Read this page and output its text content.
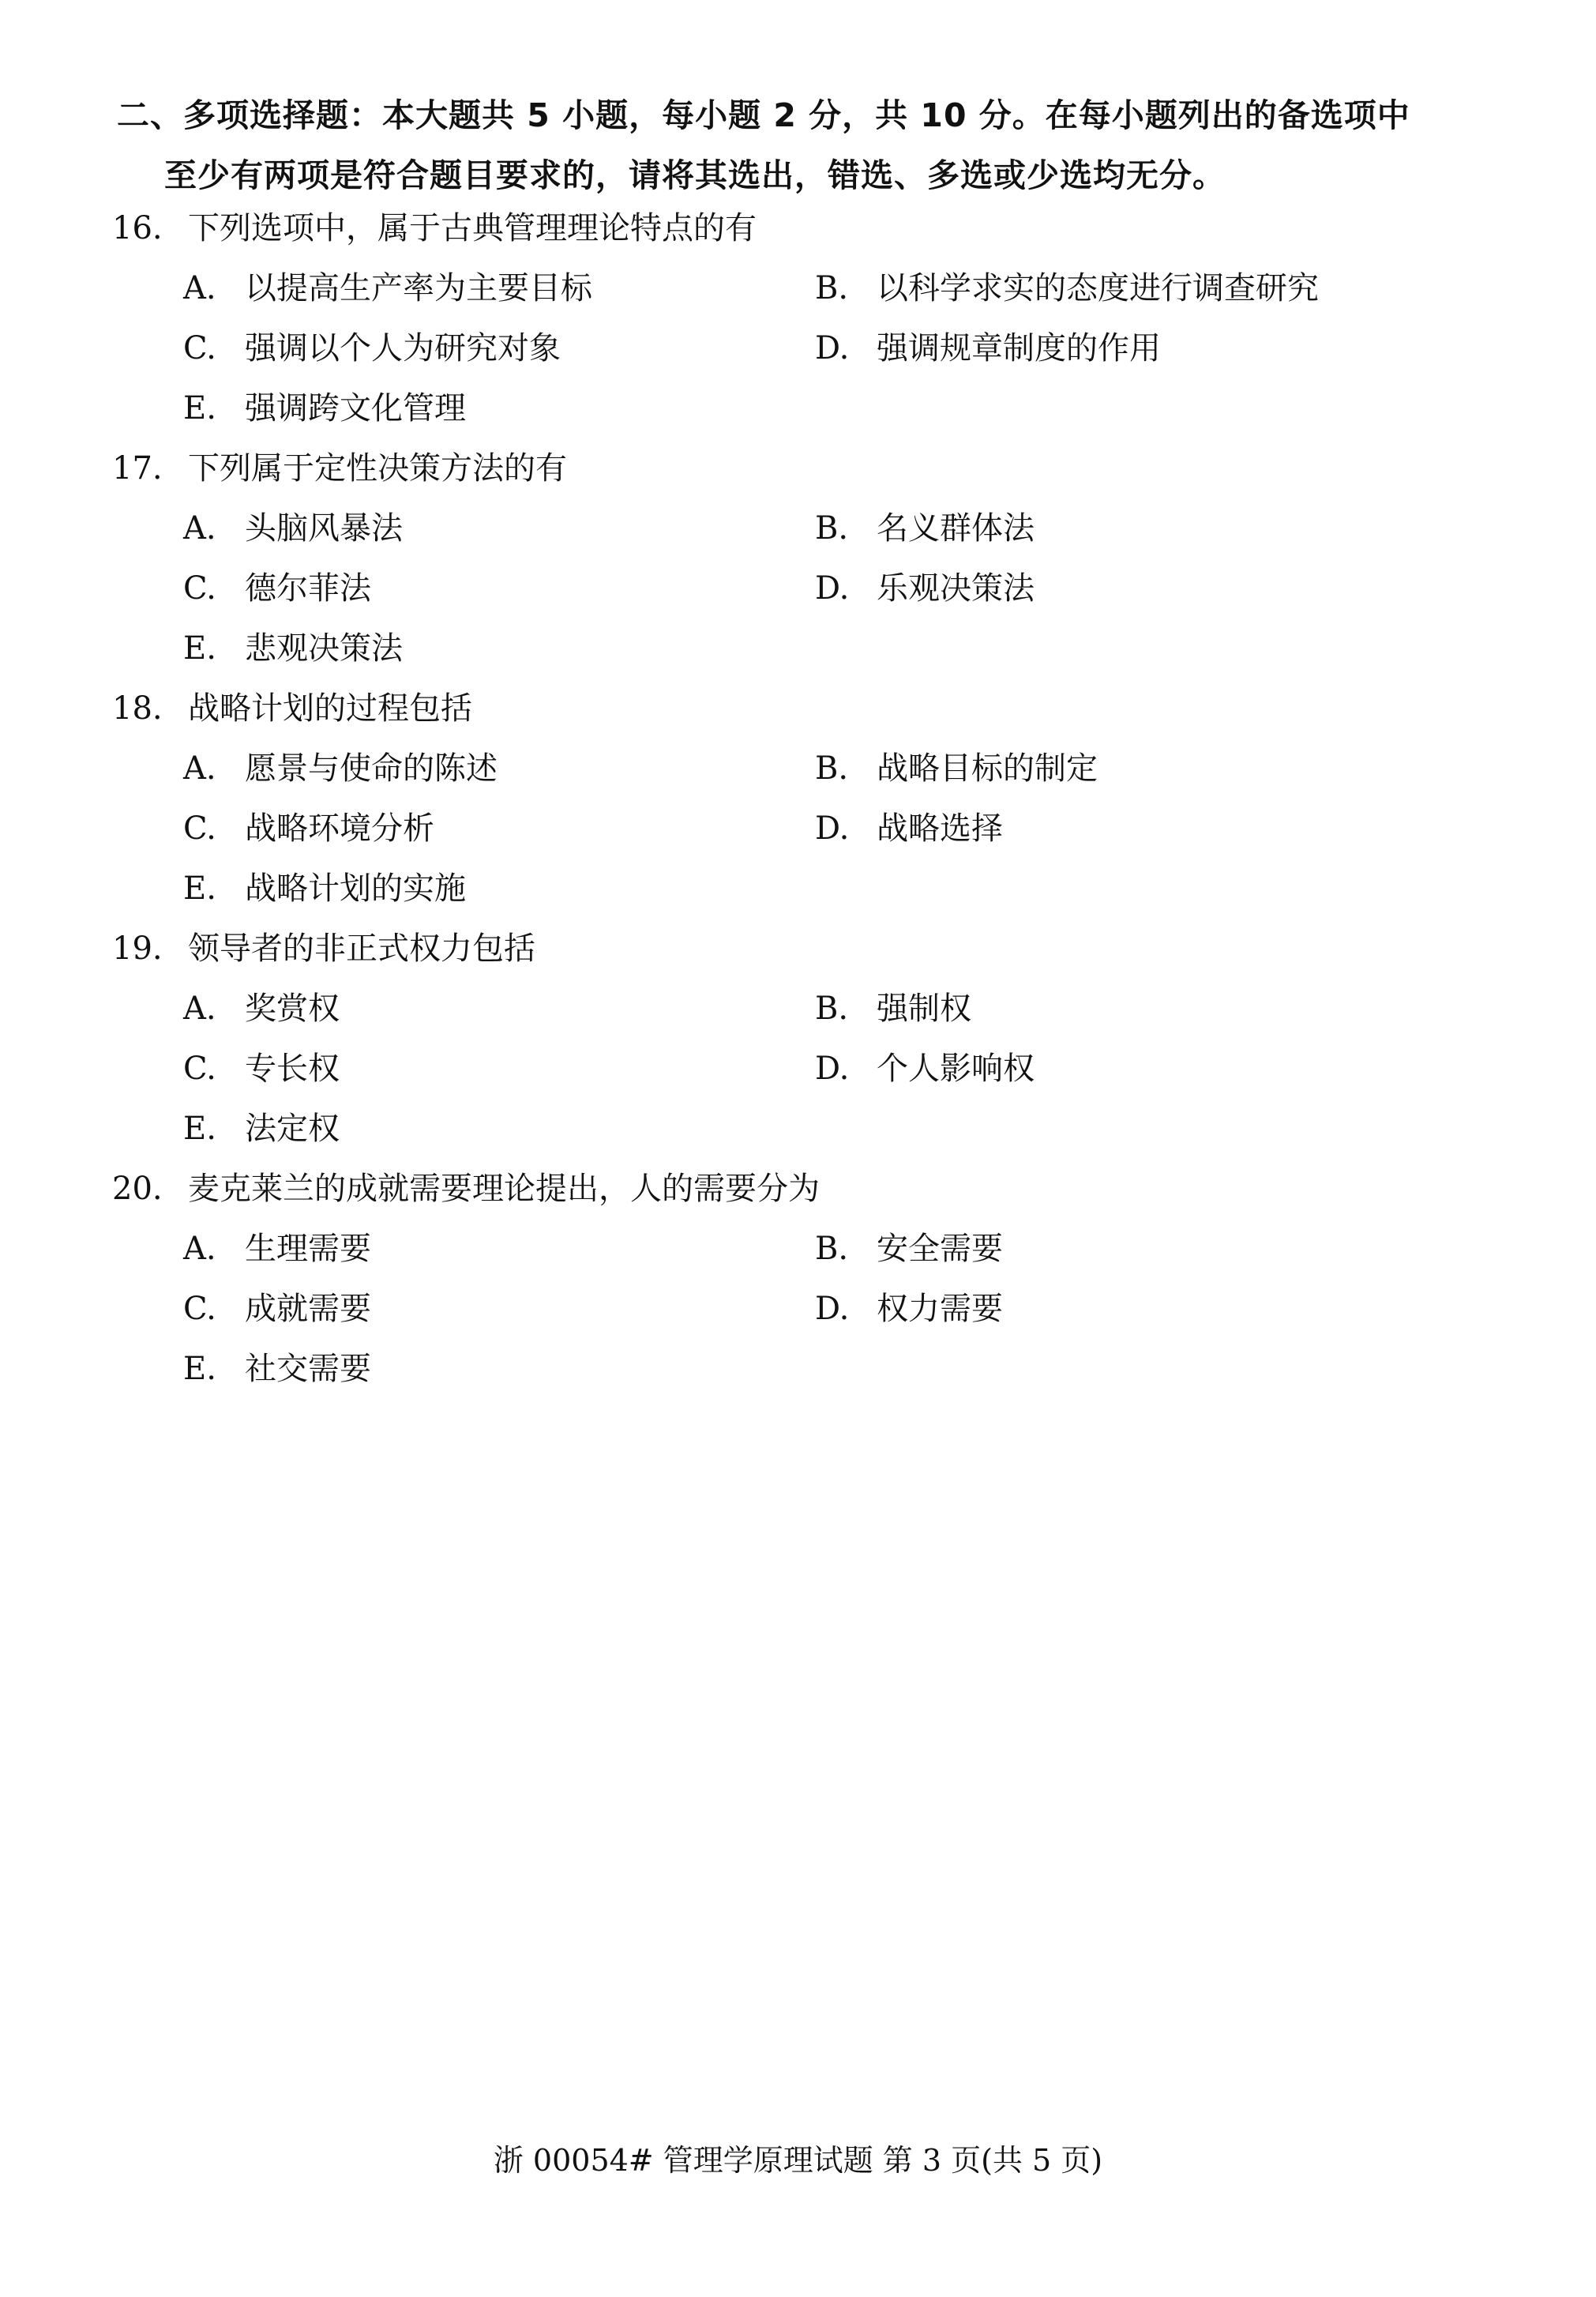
二、多项选择题：本大题共 5 小题，每小题 2 分，共 10 分。在每小题列出的备选项中
至少有两项是符合题目要求的，请将其选出，错选、多选或少选均无分。
16. 下列选项中，属于古典管理理论特点的有
A. 以提高生产率为主要目标	B. 以科学求实的态度进行调查研究
C. 强调以个人为研究对象	D. 强调规章制度的作用
E. 强调跨文化管理
17. 下列属于定性决策方法的有
A. 头脑风暴法	B. 名义群体法
C. 德尔菲法	D. 乐观决策法
E. 悲观决策法
18. 战略计划的过程包括
A. 愿景与使命的陈述	B. 战略目标的制定
C. 战略环境分析	D. 战略选择
E. 战略计划的实施
19. 领导者的非正式权力包括
A. 奖赏权	B. 强制权
C. 专长权	D. 个人影响权
E. 法定权
20. 麦克莱兰的成就需要理论提出，人的需要分为
A. 生理需要	B. 安全需要
C. 成就需要	D. 权力需要
E. 社交需要
浙 00054# 管理学原理试题 第 3 页(共 5 页)
